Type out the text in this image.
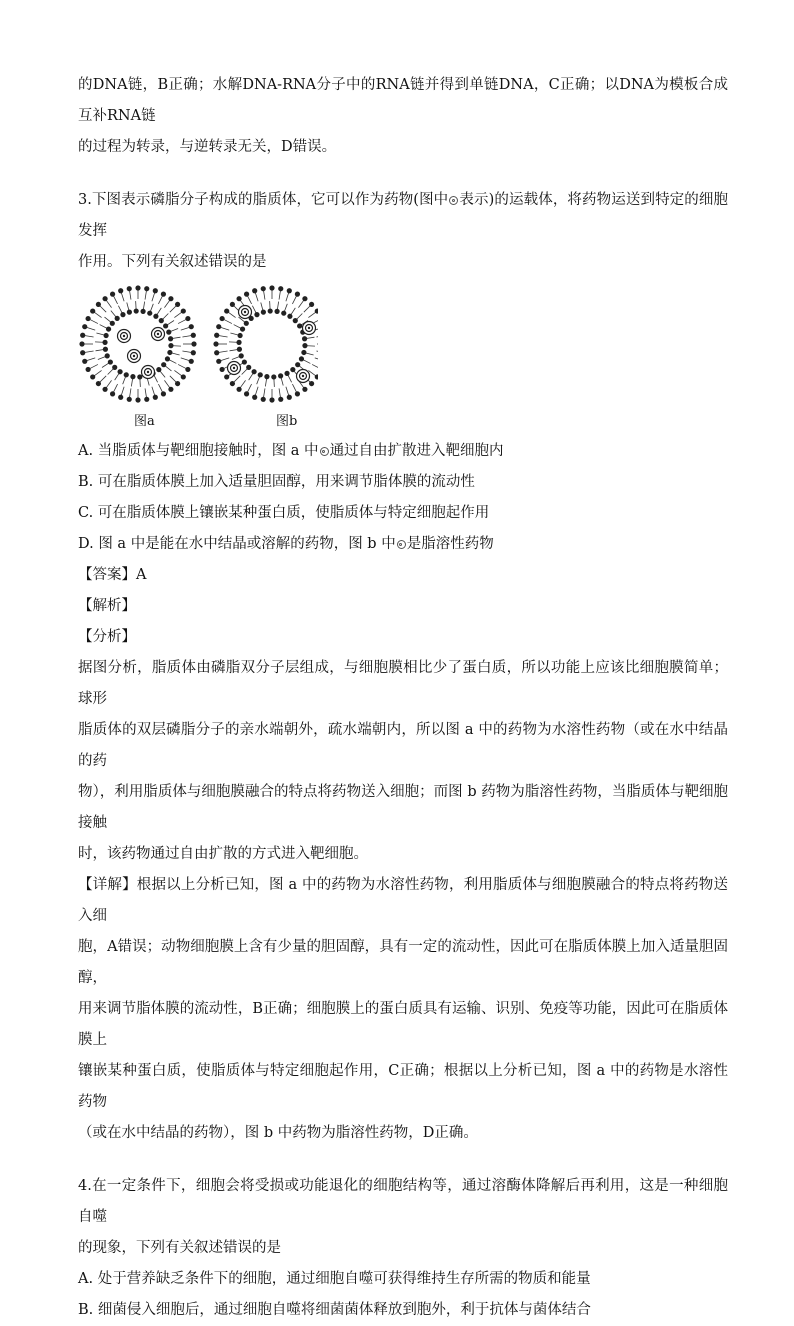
的DNA链，B正确；水解DNA-RNA分子中的RNA链并得到单链DNA，C正确；以DNA为模板合成互补RNA链

的过程为转录，与逆转录无关，D错误。

3.下图表示磷脂分子构成的脂质体，它可以作为药物(图中 表示)的运载体，将药物运送到特定的细胞发挥

作用。下列有关叙述错误的是

图a	图b

A. 当脂质体与靶细胞接触时，图 a 中 通过自由扩散进入靶细胞内

B. 可在脂质体膜上加入适量胆固醇，用来调节脂体膜的流动性

C. 可在脂质体膜上镶嵌某种蛋白质，使脂质体与特定细胞起作用

D. 图 a 中是能在水中结晶或溶解的药物，图 b 中 是脂溶性药物

【答案】A

【解析】

【分析】

据图分析，脂质体由磷脂双分子层组成，与细胞膜相比少了蛋白质，所以功能上应该比细胞膜简单；球形

脂质体的双层磷脂分子的亲水端朝外，疏水端朝内，所以图 a 中的药物为水溶性药物（或在水中结晶的药

物），利用脂质体与细胞膜融合的特点将药物送入细胞；而图 b 药物为脂溶性药物，当脂质体与靶细胞接触

时，该药物通过自由扩散的方式进入靶细胞。

【详解】根据以上分析已知，图 a 中的药物为水溶性药物，利用脂质体与细胞膜融合的特点将药物送入细

胞，A错误；动物细胞膜上含有少量的胆固醇，具有一定的流动性，因此可在脂质体膜上加入适量胆固醇，

用来调节脂体膜的流动性，B正确；细胞膜上的蛋白质具有运输、识别、免疫等功能，因此可在脂质体膜上

镶嵌某种蛋白质，使脂质体与特定细胞起作用，C正确；根据以上分析已知，图 a 中的药物是水溶性药物

（或在水中结晶的药物），图 b 中药物为脂溶性药物，D正确。

4.在一定条件下，细胞会将受损或功能退化的细胞结构等，通过溶酶体降解后再利用，这是一种细胞自噬

的现象，下列有关叙述错误的是

A. 处于营养缺乏条件下的细胞，通过细胞自噬可获得维持生存所需的物质和能量

B. 细菌侵入细胞后，通过细胞自噬将细菌菌体释放到胞外，利于抗体与菌体结合
